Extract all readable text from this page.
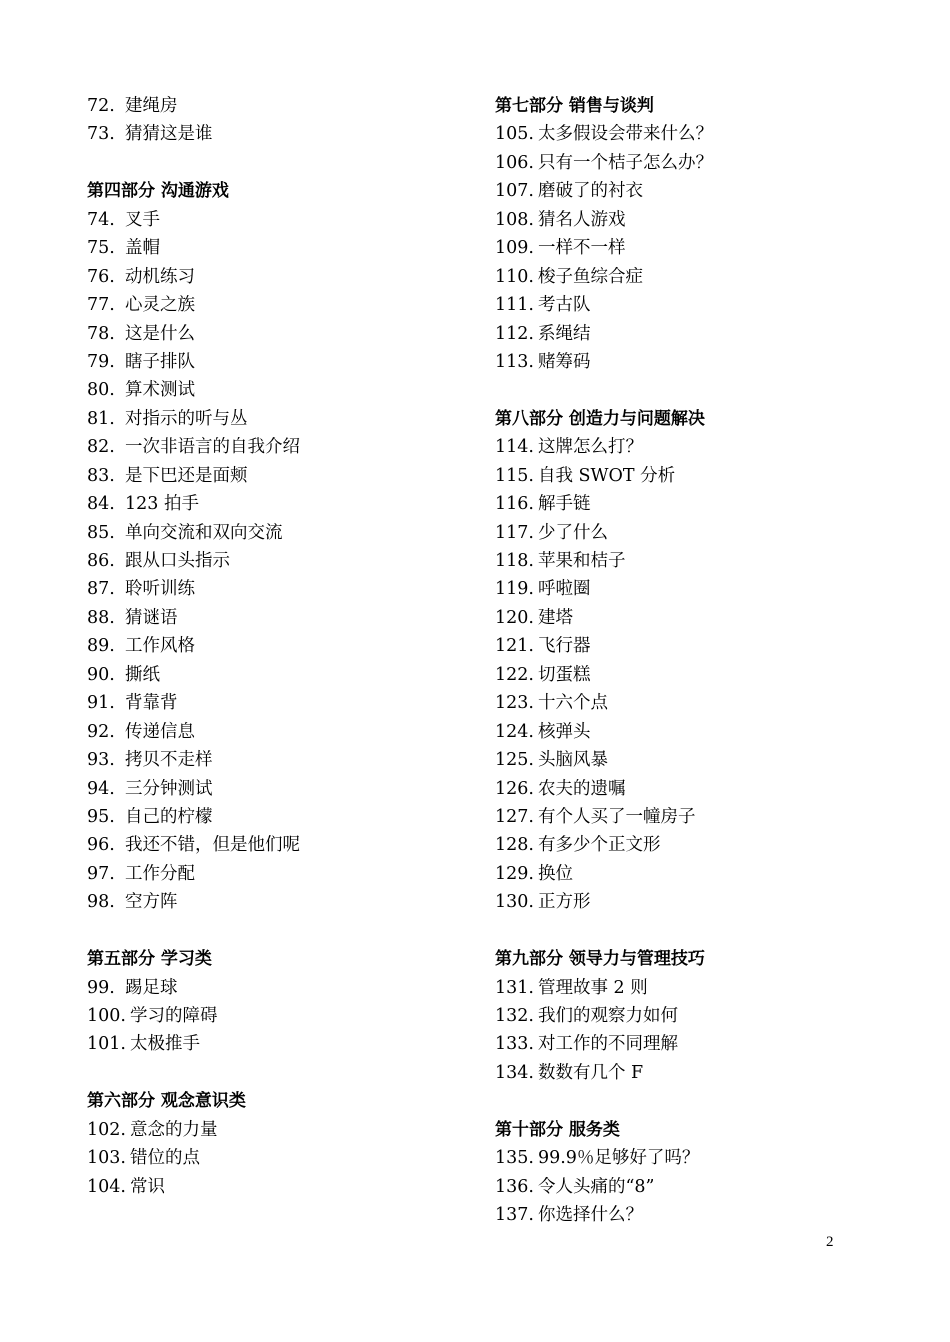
72. 建绳房
73. 猜猜这是谁
第四部分 沟通游戏
74. 叉手
75. 盖帽
76. 动机练习
77. 心灵之族
78. 这是什么
79. 瞎子排队
80. 算术测试
81. 对指示的听与丛
82. 一次非语言的自我介绍
83. 是下巴还是面颊
84. 123 拍手
85. 单向交流和双向交流
86. 跟从口头指示
87. 聆听训练
88. 猜谜语
89. 工作风格
90. 撕纸
91. 背靠背
92. 传递信息
93. 拷贝不走样
94. 三分钟测试
95. 自己的柠檬
96. 我还不错，但是他们呢
97. 工作分配
98. 空方阵
第五部分 学习类
99. 踢足球
100. 学习的障碍
101. 太极推手
第六部分 观念意识类
102. 意念的力量
103. 错位的点
104. 常识
第七部分 销售与谈判
105. 太多假设会带来什么？
106. 只有一个桔子怎么办？
107. 磨破了的衬衣
108. 猜名人游戏
109. 一样不一样
110. 梭子鱼综合症
111. 考古队
112. 系绳结
113. 赌筹码
第八部分 创造力与问题解决
114. 这牌怎么打？
115. 自我 SWOT 分析
116. 解手链
117. 少了什么
118. 苹果和桔子
119. 呼啦圈
120. 建塔
121. 飞行器
122. 切蛋糕
123. 十六个点
124. 核弹头
125. 头脑风暴
126. 农夫的遗嘱
127. 有个人买了一幢房子
128. 有多少个正文形
129. 换位
130. 正方形
第九部分 领导力与管理技巧
131. 管理故事 2 则
132. 我们的观察力如何
133. 对工作的不同理解
134. 数数有几个 F
第十部分 服务类
135. 99.9％足够好了吗？
136. 令人头痛的“8”
137. 你选择什么？
2
